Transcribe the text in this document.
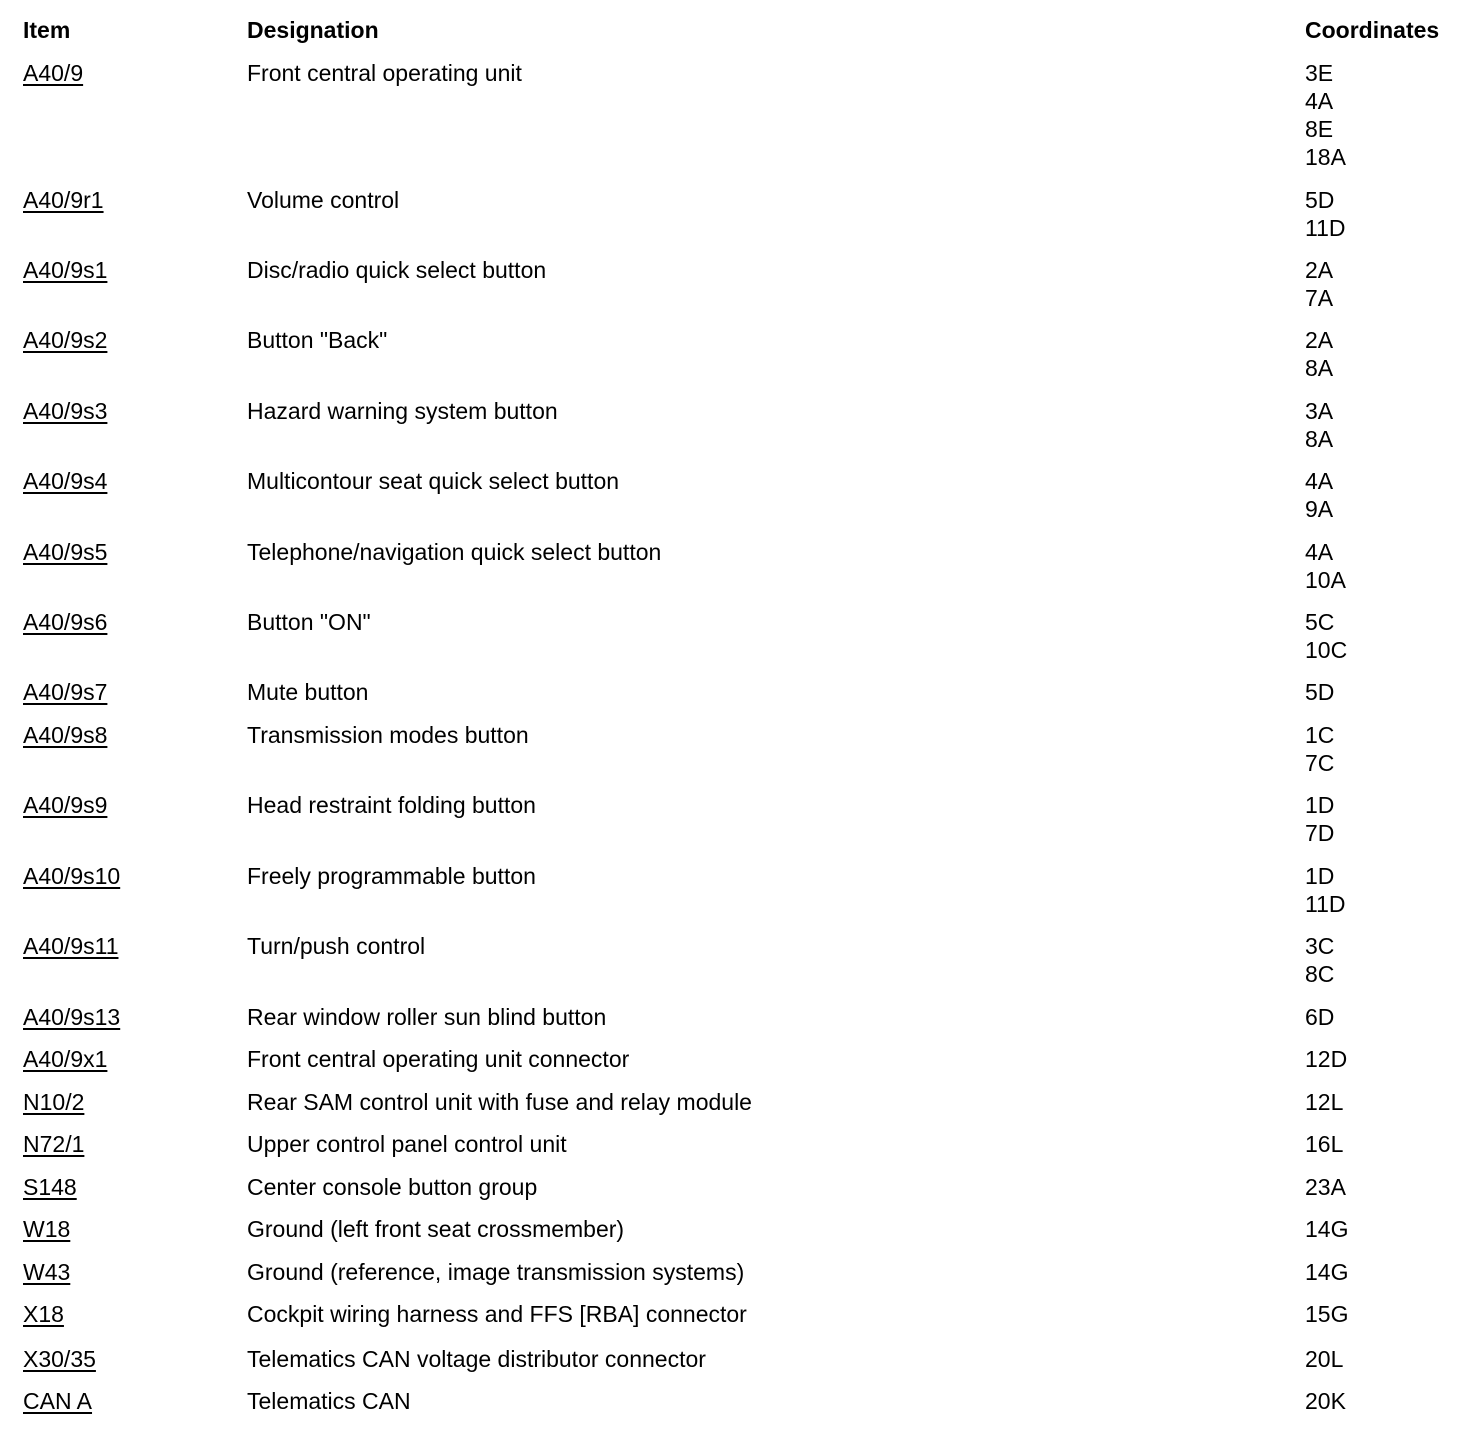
Item	Designation	Coordinates
A40/9	Front central operating unit	3E
4A
8E
18A
A40/9r1	Volume control	5D
11D
A40/9s1	Disc/radio quick select button	2A
7A
A40/9s2	Button "Back"	2A
8A
A40/9s3	Hazard warning system button	3A
8A
A40/9s4	Multicontour seat quick select button	4A
9A
A40/9s5	Telephone/navigation quick select button	4A
10A
A40/9s6	Button "ON"	5C
10C
A40/9s7	Mute button	5D
A40/9s8	Transmission modes button	1C
7C
A40/9s9	Head restraint folding button	1D
7D
A40/9s10	Freely programmable button	1D
11D
A40/9s11	Turn/push control	3C
8C
A40/9s13	Rear window roller sun blind button	6D
A40/9x1	Front central operating unit connector	12D
N10/2	Rear SAM control unit with fuse and relay module	12L
N72/1	Upper control panel control unit	16L
S148	Center console button group	23A
W18	Ground (left front seat crossmember)	14G
W43	Ground (reference, image transmission systems)	14G
X18	Cockpit wiring harness and FFS [RBA] connector	15G
X30/35	Telematics CAN voltage distributor connector	20L
CAN A	Telematics CAN	20K
